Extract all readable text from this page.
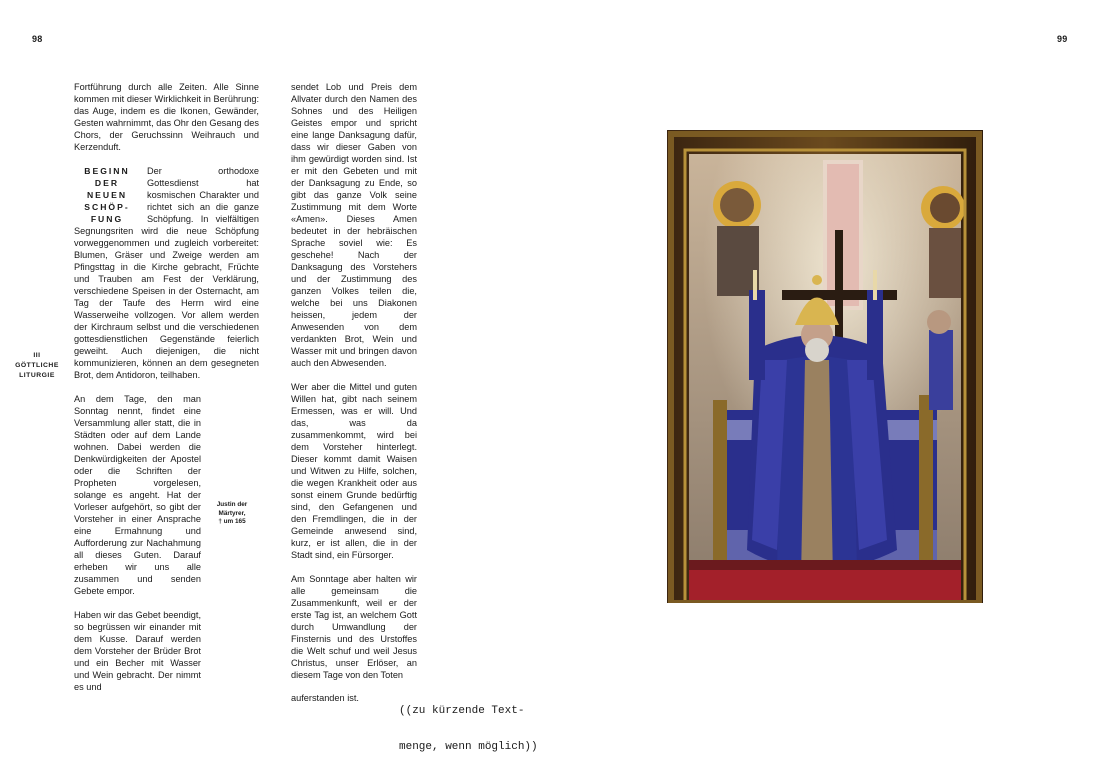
98	99
III
GÖTTLICHE
LITURGIE

Fortführung durch alle Zeiten. Alle Sinne kommen mit dieser Wirklichkeit in Berührung: das Auge, indem es die Ikonen, Gewänder, Gesten wahrnimmt, das Ohr den Gesang des Chors, der Geruchssinn Weihrauch und Kerzenduft.

Der orthodoxe Gottesdienst hat kosmischen Charakter und richtet sich an die ganze Schöpfung. In vielfältigen Segnungsriten wird die neue Schöpfung vorweggenommen und zugleich vorbereitet: Blumen, Gräser und Zweige werden am Pfingsttag in die Kirche gebracht, Früchte und Trauben am Fest der Verklärung, verschiedene Speisen in der Osternacht, am Tag der Taufe des Herrn wird eine Wasserweihe vollzogen. Vor allem werden der Kirchraum selbst und die verschiedenen gottesdienstlichen Gegenstände feierlich geweiht. Auch diejenigen, die nicht kommunizieren, können an dem gesegneten Brot, dem Antidoron, teilhaben.

BEGINN
DER
NEUEN
SCHÖP-
FUNG

An dem Tage, den man Sonntag nennt, findet eine Versammlung aller statt, die in Städten oder auf dem Lande wohnen. Dabei werden die Denkwürdigkeiten der Apostel oder die Schriften der Propheten vorgelesen, solange es angeht. Hat der Vorleser aufgehört, so gibt der Vorsteher in einer Ansprache eine Ermahnung und Aufforderung zur Nachahmung all dieses Guten. Darauf erheben wir uns alle zusammen und senden Gebete empor.

Haben wir das Gebet beendigt, so begrüssen wir einander mit dem Kusse. Darauf werden dem Vorsteher der Brüder Brot und ein Becher mit Wasser und Wein gebracht. Der nimmt es und

Justin der
Märtyrer,
† um 165

sendet Lob und Preis dem Allvater durch den Namen des Sohnes und des Heiligen Geistes empor und spricht eine lange Danksagung dafür, dass wir dieser Gaben von ihm gewürdigt worden sind. Ist er mit den Gebeten und mit der Danksagung zu Ende, so gibt das ganze Volk seine Zustimmung mit dem Worte «Amen». Dieses Amen bedeutet in der hebräischen Sprache soviel wie: Es geschehe! Nach der Danksagung des Vorstehers und der Zustimmung des ganzen Volkes teilen die, welche bei uns Diakonen heissen, jedem der Anwesenden von dem verdankten Brot, Wein und Wasser mit und bringen davon auch den Abwesenden.

Wer aber die Mittel und guten Willen hat, gibt nach seinem Ermessen, was er will. Und das, was da zusammenkommt, wird bei dem Vorsteher hinterlegt. Dieser kommt damit Waisen und Witwen zu Hilfe, solchen, die wegen Krankheit oder aus sonst einem Grunde bedürftig sind, den Gefangenen und den Fremdlingen, die in der Gemeinde anwesend sind, kurz, er ist allen, die in der Stadt sind, ein Fürsorger.

Am Sonntage aber halten wir alle gemeinsam die Zusammenkunft, weil er der erste Tag ist, an welchem Gott durch Umwandlung der Finsternis und des Urstoffes die Welt schuf und weil Jesus Christus, unser Erlöser, an diesem Tage von den Toten

auferstanden ist.

((zu kürzende Text-

menge, wenn möglich))
